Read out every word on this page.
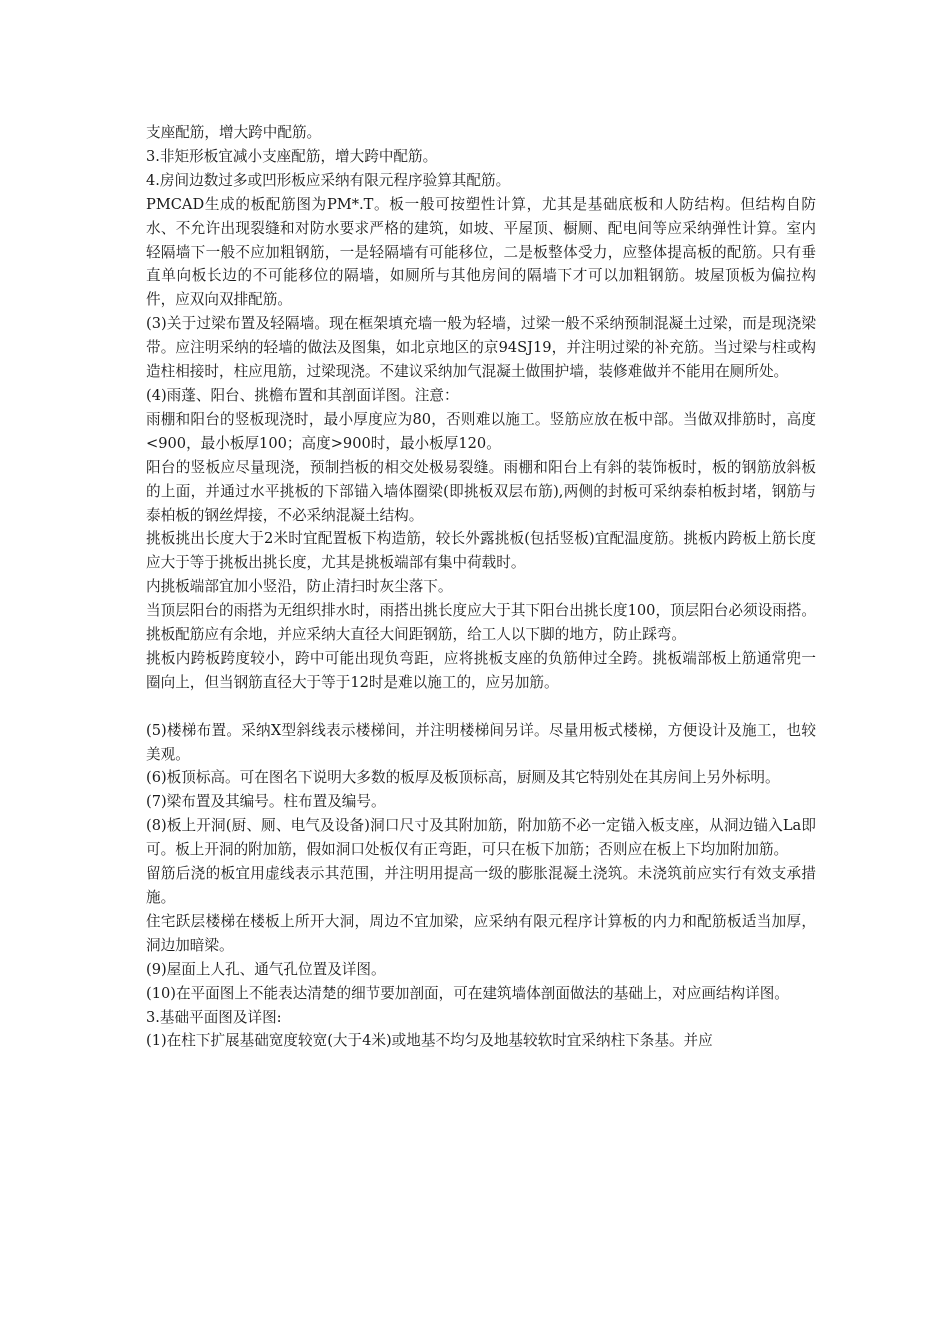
支座配筋，增大跨中配筋。

3.非矩形板宜减小支座配筋，增大跨中配筋。

4.房间边数过多或凹形板应采纳有限元程序验算其配筋。

PMCAD生成的板配筋图为PM*.T。板一般可按塑性计算，尤其是基础底板和人防结构。但结构自防水、不允许出现裂缝和对防水要求严格的建筑，如坡、平屋顶、橱厕、配电间等应采纳弹性计算。室内轻隔墙下一般不应加粗钢筋，一是轻隔墙有可能移位，二是板整体受力，应整体提高板的配筋。只有垂直单向板长边的不可能移位的隔墙，如厕所与其他房间的隔墙下才可以加粗钢筋。坡屋顶板为偏拉构件，应双向双排配筋。

(3)关于过梁布置及轻隔墙。现在框架填充墙一般为轻墙，过梁一般不采纳预制混凝土过梁，而是现浇梁带。应注明采纳的轻墙的做法及图集，如北京地区的京94SJ19，并注明过梁的补充筋。当过梁与柱或构造柱相接时，柱应甩筋，过梁现浇。不建议采纳加气混凝土做围护墙，装修难做并不能用在厕所处。

(4)雨蓬、阳台、挑檐布置和其剖面详图。注意：

雨棚和阳台的竖板现浇时，最小厚度应为80，否则难以施工。竖筋应放在板中部。当做双排筋时，高度<900，最小板厚100；高度>900时，最小板厚120。

阳台的竖板应尽量现浇，预制挡板的相交处极易裂缝。雨棚和阳台上有斜的装饰板时，板的钢筋放斜板的上面，并通过水平挑板的下部锚入墙体圈梁(即挑板双层布筋),两侧的封板可采纳泰柏板封堵，钢筋与泰柏板的钢丝焊接，不必采纳混凝土结构。

挑板挑出长度大于2米时宜配置板下构造筋，较长外露挑板(包括竖板)宜配温度筋。挑板内跨板上筋长度应大于等于挑板出挑长度，尤其是挑板端部有集中荷载时。

内挑板端部宜加小竖沿，防止清扫时灰尘落下。

当顶层阳台的雨搭为无组织排水时，雨搭出挑长度应大于其下阳台出挑长度100，顶层阳台必须设雨搭。挑板配筋应有余地，并应采纳大直径大间距钢筋，给工人以下脚的地方，防止踩弯。

挑板内跨板跨度较小，跨中可能出现负弯距，应将挑板支座的负筋伸过全跨。挑板端部板上筋通常兜一圈向上，但当钢筋直径大于等于12时是难以施工的，应另加筋。

(5)楼梯布置。采纳X型斜线表示楼梯间，并注明楼梯间另详。尽量用板式楼梯，方便设计及施工，也较美观。

(6)板顶标高。可在图名下说明大多数的板厚及板顶标高，厨厕及其它特别处在其房间上另外标明。

(7)梁布置及其编号。柱布置及编号。

(8)板上开洞(厨、厕、电气及设备)洞口尺寸及其附加筋，附加筋不必一定锚入板支座，从洞边锚入La即可。板上开洞的附加筋，假如洞口处板仅有正弯距，可只在板下加筋；否则应在板上下均加附加筋。

留筋后浇的板宜用虚线表示其范围，并注明用提高一级的膨胀混凝土浇筑。未浇筑前应实行有效支承措施。

住宅跃层楼梯在楼板上所开大洞，周边不宜加梁，应采纳有限元程序计算板的内力和配筋板适当加厚，洞边加暗梁。

(9)屋面上人孔、通气孔位置及详图。

(10)在平面图上不能表达清楚的细节要加剖面，可在建筑墙体剖面做法的基础上，对应画结构详图。

3.基础平面图及详图:

(1)在柱下扩展基础宽度较宽(大于4米)或地基不均匀及地基较软时宜采纳柱下条基。并应
